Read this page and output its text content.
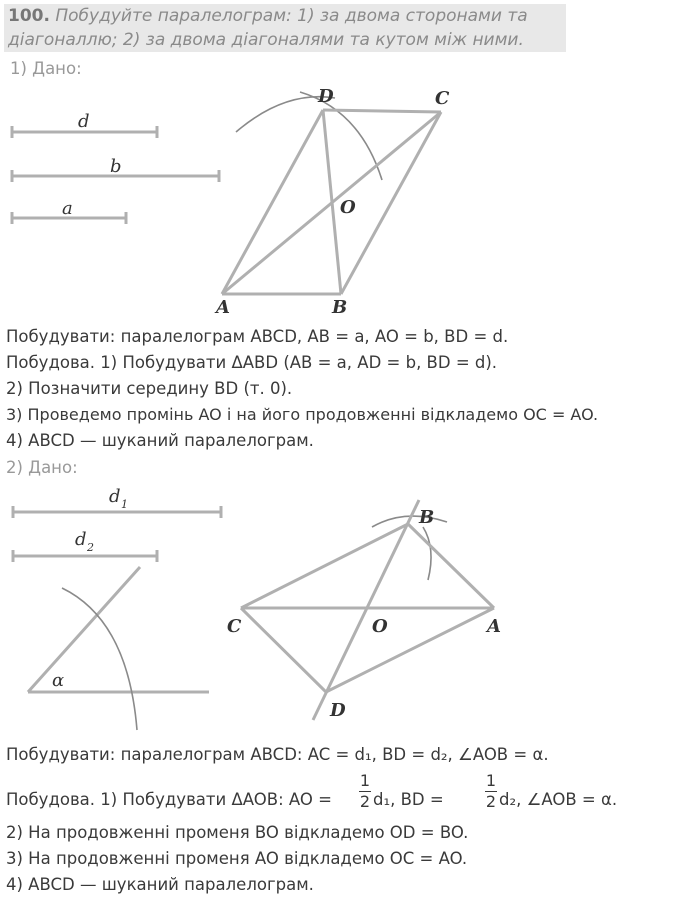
100. Побудуйте паралелограм: 1) за двома сторонами та
діагоналлю; 2) за двома діагоналями та кутом між ними.
1) Дано:
d
b
a
D	C
O
A	B
d 1
d 2
α
B
C	O	A
D
Побудувати: паралелограм ABCD, AB = a, AO = b, BD = d.
Побудова. 1) Побудувати ΔABD (AB = a, AD = b, BD = d).
2) Позначити середину BD (т. 0).
3) Проведемо промінь AO і на його продовженні відкладемо OC = AO.
4) ABCD — шуканий паралелограм.
2) Дано:
Побудувати: паралелограм ABCD: AC = d₁, BD = d₂, ∠AOB = α.
Побудова. 1) Побудувати ΔAOB: AO =
1
2 d₁, BD =
1
2 d₂, ∠AOB = α.
2) На продовженні променя BO відкладемо OD = BO.
3) На продовженні променя AO відкладемо OC = AO.
4) ABCD — шуканий паралелограм.
